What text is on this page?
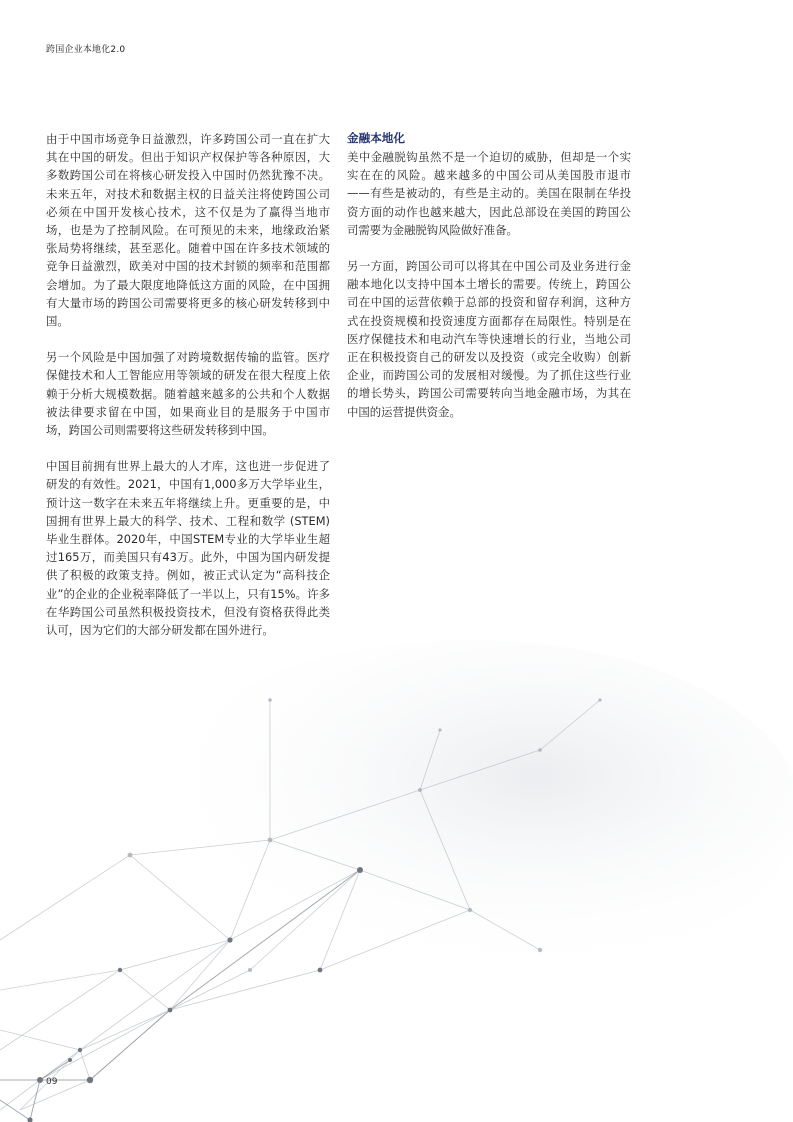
跨国企业本地化2.0

由于中国市场竞争日益激烈，许多跨国公司一直在扩大其在中国的研发。但出于知识产权保护等各种原因，大多数跨国公司在将核心研发投入中国时仍然犹豫不决。未来五年，对技术和数据主权的日益关注将使跨国公司必须在中国开发核心技术，这不仅是为了赢得当地市场，也是为了控制风险。在可预见的未来，地缘政治紧张局势将继续，甚至恶化。随着中国在许多技术领域的竞争日益激烈，欧美对中国的技术封锁的频率和范围都会增加。为了最大限度地降低这方面的风险，在中国拥有大量市场的跨国公司需要将更多的核心研发转移到中国。

另一个风险是中国加强了对跨境数据传输的监管。医疗保健技术和人工智能应用等领域的研发在很大程度上依赖于分析大规模数据。随着越来越多的公共和个人数据被法律要求留在中国，如果商业目的是服务于中国市场，跨国公司则需要将这些研发转移到中国。

中国目前拥有世界上最大的人才库，这也进一步促进了研发的有效性。2021，中国有1,000多万大学毕业生，预计这一数字在未来五年将继续上升。更重要的是，中国拥有世界上最大的科学、技术、工程和数学 (STEM) 毕业生群体。2020年，中国STEM专业的大学毕业生超过165万，而美国只有43万。此外，中国为国内研发提供了积极的政策支持。例如，被正式认定为“高科技企业”的企业的企业税率降低了一半以上，只有15%。许多在华跨国公司虽然积极投资技术，但没有资格获得此类认可，因为它们的大部分研发都在国外进行。

金融本地化

美中金融脱钩虽然不是一个迫切的威胁，但却是一个实实在在的风险。越来越多的中国公司从美国股市退市——有些是被动的，有些是主动的。美国在限制在华投资方面的动作也越来越大，因此总部设在美国的跨国公司需要为金融脱钩风险做好准备。

另一方面，跨国公司可以将其在中国公司及业务进行金融本地化以支持中国本土增长的需要。传统上，跨国公司在中国的运营依赖于总部的投资和留存利润，这种方式在投资规模和投资速度方面都存在局限性。特别是在医疗保健技术和电动汽车等快速增长的行业，当地公司正在积极投资自己的研发以及投资（或完全收购）创新企业，而跨国公司的发展相对缓慢。为了抓住这些行业的增长势头，跨国公司需要转向当地金融市场，为其在中国的运营提供资金。

09
